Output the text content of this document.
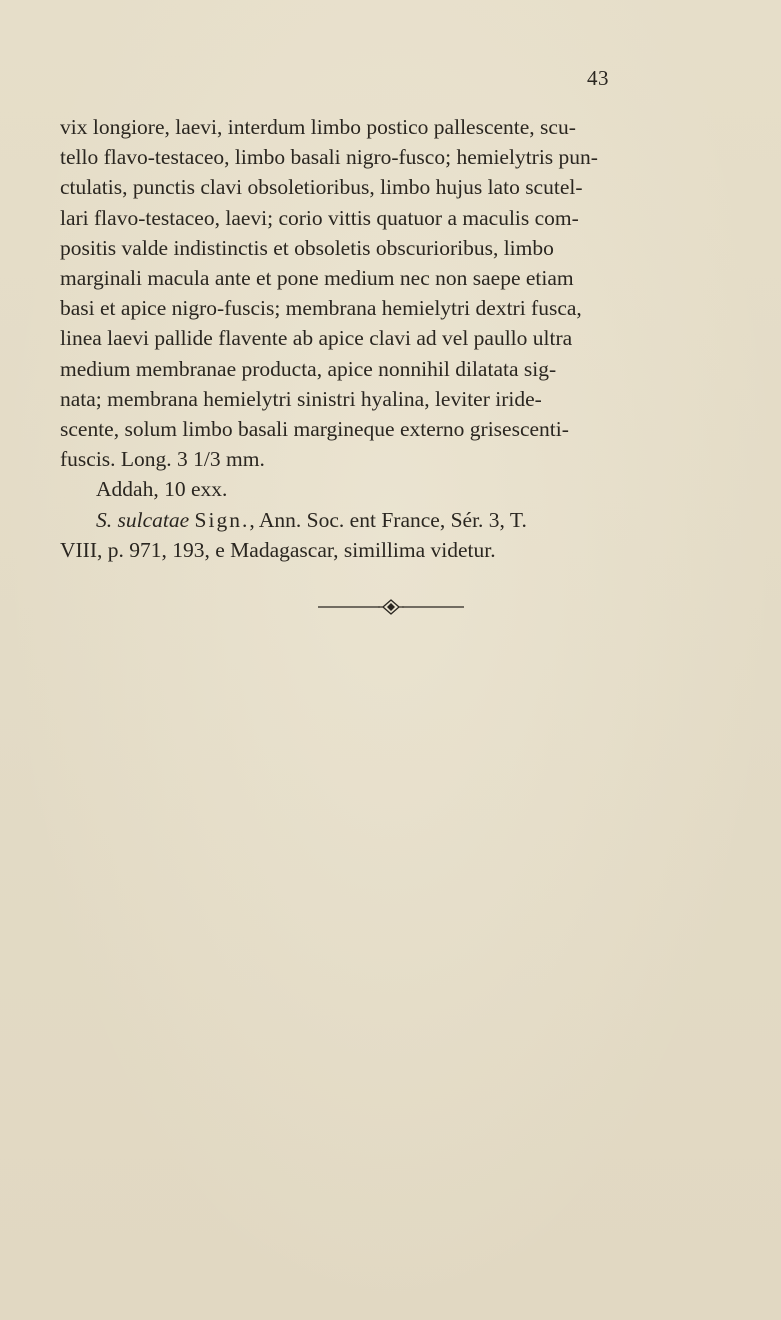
43
vix longiore, laevi, interdum limbo postico pallescente, scu-
tello flavo-testaceo, limbo basali nigro-fusco; hemielytris pun-
ctulatis, punctis clavi obsoletioribus, limbo hujus lato scutel-
lari flavo-testaceo, laevi; corio vittis quatuor a maculis com-
positis valde indistinctis et obsoletis obscurioribus, limbo
marginali macula ante et pone medium nec non saepe etiam
basi et apice nigro-fuscis; membrana hemielytri dextri fusca,
linea laevi pallide flavente ab apice clavi ad vel paullo ultra
medium membranae producta, apice nonnihil dilatata sig-
nata; membrana hemielytri sinistri hyalina, leviter iride-
scente, solum limbo basali margineque externo grisescenti-
fuscis. Long. 3 1/3 mm.
Addah, 10 exx.
S. sulcatae Sign., Ann. Soc. ent France, Sér. 3, T.
VIII, p. 971, 193, e Madagascar, simillima videtur.
